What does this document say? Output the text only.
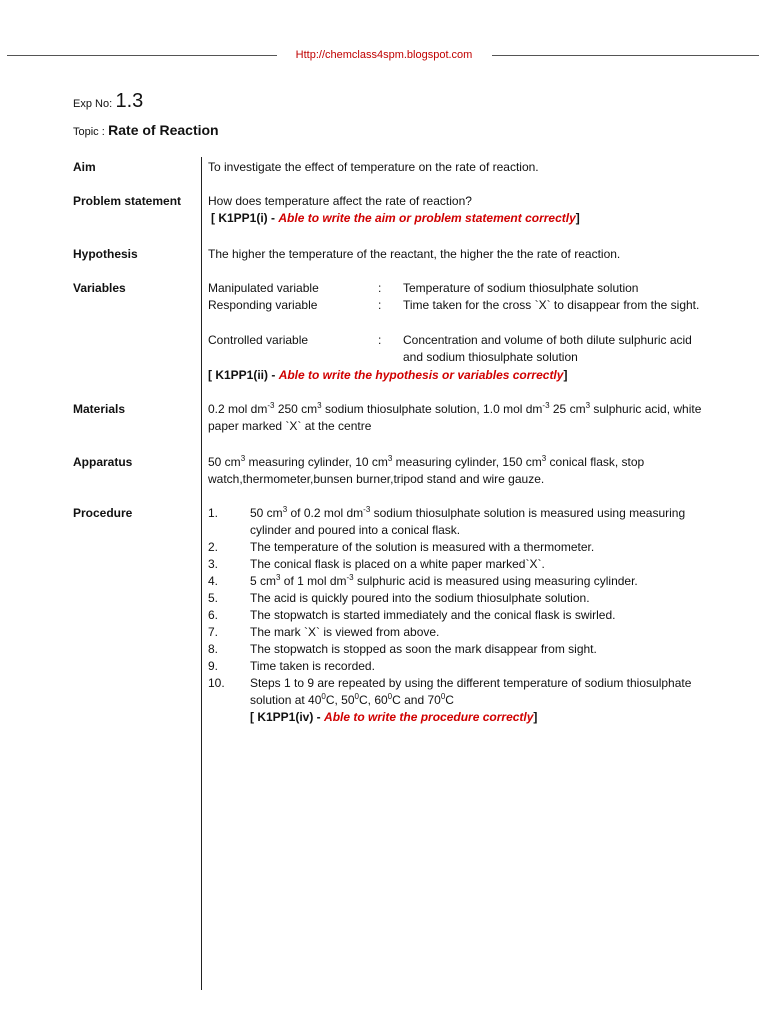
Http://chemclass4spm.blogspot.com
Exp No: 1.3
Topic : Rate of Reaction
Aim	To investigate the effect of temperature on the rate of reaction.
Problem statement How does temperature affect the rate of reaction?
[ K1PP1(i) - Able to write the aim or problem statement correctly]
Hypothesis	The higher the temperature of the reactant, the higher the the rate of reaction.
Variables	Manipulated variable	: Temperature of sodium thiosulphate solution
Responding variable	: Time taken for the cross `X` to disappear from the sight.
Controlled variable	: Concentration and volume of both dilute sulphuric acid and sodium thiosulphate solution
[ K1PP1(ii) - Able to write the hypothesis or variables correctly]
Materials	0.2 mol $dm^{-3}$ 250 $cm^3$ sodium thiosulphate solution, 1.0 mol $dm^{-3}$ 25 $cm^3$ sulphuric acid, white paper marked `X` at the centre
Apparatus	50 $cm^3$ measuring cylinder, 10 $cm^3$ measuring cylinder, 150 $cm^3$ conical flask, stop watch,thermometer,bunsen burner,tripod stand and wire gauze.
Procedure	1.	50 $cm^3$ of 0.2 mol $dm^{-3}$ sodium thiosulphate solution is measured using measuring cylinder and poured into a conical flask.
2.	The temperature of the solution is measured with a thermometer.
3.	The conical flask is placed on a white paper marked`X`.
4.	5 $cm^3$ of 1 mol $dm^{-3}$ sulphuric acid is measured using measuring cylinder.
5.	The acid is quickly poured into the sodium thiosulphate solution.
6.	The stopwatch is started immediately and the conical flask is swirled.
7.	The mark `X` is viewed from above.
8.	The stopwatch is stopped as soon the mark disappear from sight.
9.	Time taken is recorded.
10. Steps 1 to 9 are repeated by using the different temperature of sodium thiosulphate solution at $40^0C$, $50^0C$, $60^0C$ and $70^0C$
[ K1PP1(iv) - Able to write the procedure correctly]
